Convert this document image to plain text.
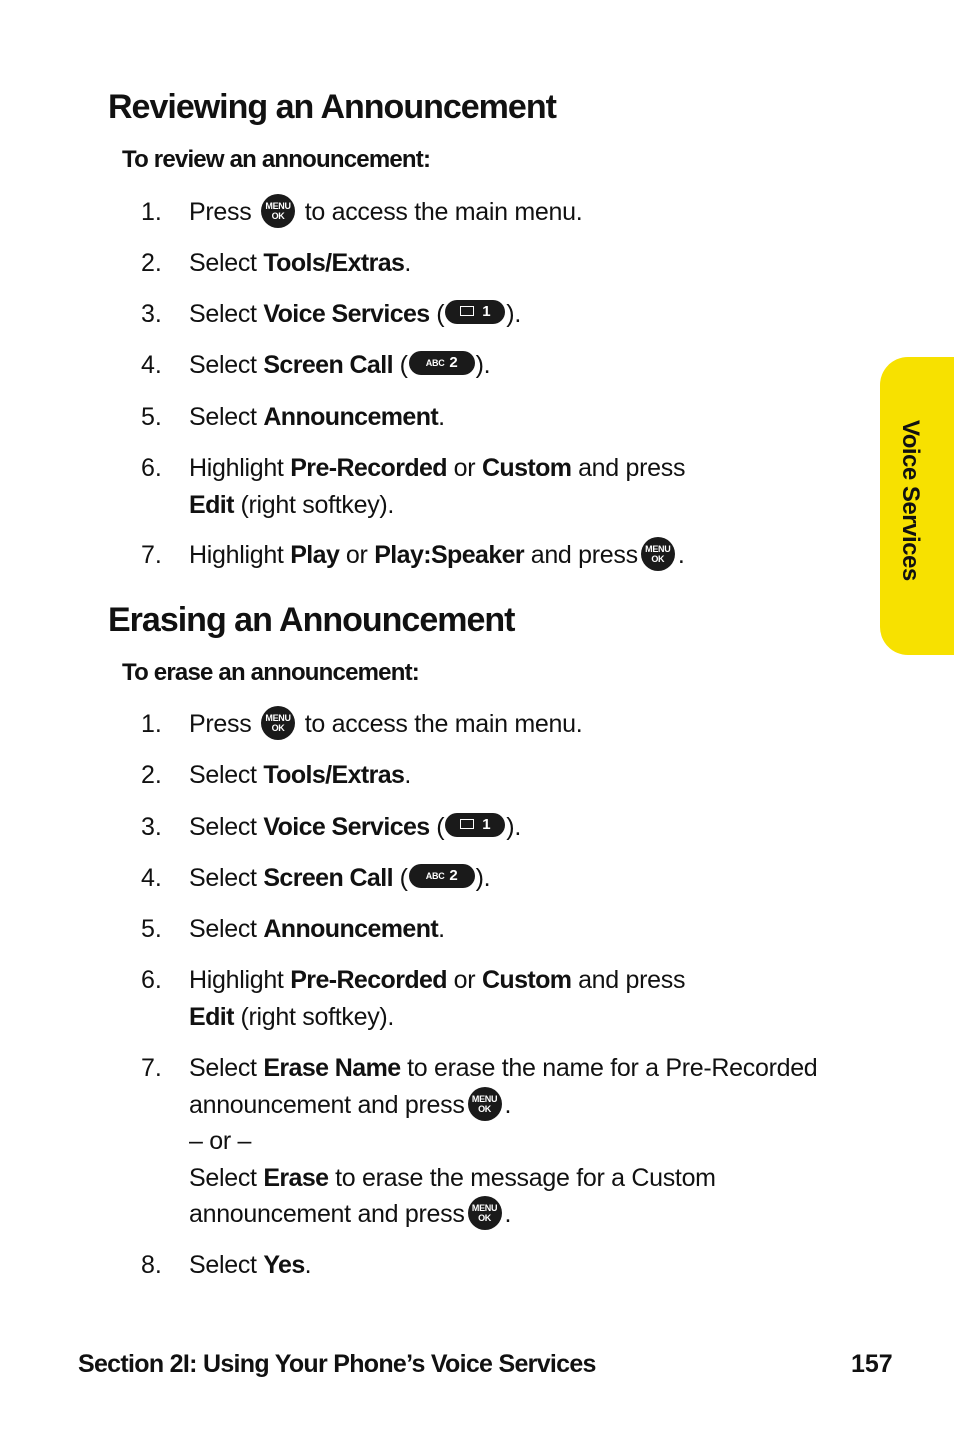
Reviewing an Announcement

To review an announcement:

1.	Press	MENU
OK to access the main menu.
2.	Select Tools/Extras.
3.	Select Voice Services (	1 ).
4.	Select Screen Call ( ABC 2 ).
5.	Select Announcement.
6.	Highlight Pre-Recorded or Custom and press
Edit (right softkey).
7.	Highlight Play or Play:Speaker and press MENU
OK .
Erasing an Announcement

To erase an announcement:

1.	Press	MENU
OK to access the main menu.
2.	Select Tools/Extras.
3.	Select Voice Services (	1 ).
4.	Select Screen Call ( ABC 2 ).
5.	Select Announcement.
6.	Highlight Pre-Recorded or Custom and press
Edit (right softkey).
7.	Select Erase Name to erase the name for a Pre-Recorded announcement and press MENU
OK .
– or –
Select Erase to erase the message for a Custom announcement and press MENU
OK .
8.	Select Yes.
Voice Services
Section 2I: Using Your Phone’s Voice Services	157
